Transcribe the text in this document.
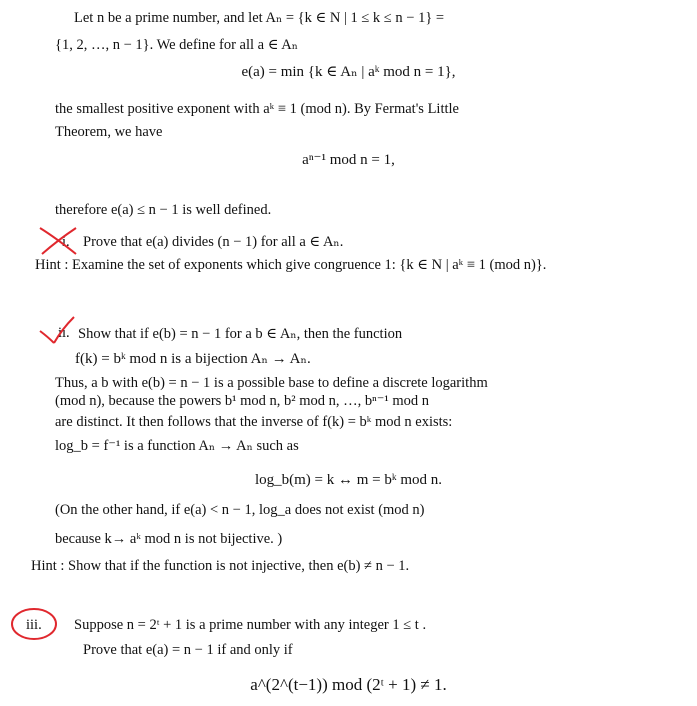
Let n be a prime number, and let Aₙ = {k ∈ N | 1 ≤ k ≤ n − 1} =
{1, 2, …, n − 1}. We define for all a ∈ Aₙ
e(a) = min {k ∈ Aₙ | aᵏ mod n = 1},
the smallest positive exponent with aᵏ ≡ 1 (mod n). By Fermat's Little
Theorem, we have
aⁿ⁻¹ mod n = 1,
therefore e(a) ≤ n − 1 is well defined.
i. Prove that e(a) divides (n − 1) for all a ∈ Aₙ.
Hint : Examine the set of exponents which give congruence 1: {k ∈ N | aᵏ ≡ 1 (mod n)}.
ii. Show that if e(b) = n − 1 for a b ∈ Aₙ, then the function
f(k) = bᵏ mod n is a bijection Aₙ → Aₙ.
Thus, a b with e(b) = n − 1 is a possible base to define a discrete logarithm
(mod n), because the powers b¹ mod n, b² mod n, …, bⁿ⁻¹ mod n
are distinct. It then follows that the inverse of f(k) = bᵏ mod n exists:
log_b = f⁻¹ is a function Aₙ → Aₙ such as
log_b(m) = k ↔ m = bᵏ mod n.
(On the other hand, if e(a) < n − 1, log_a does not exist (mod n)
because k→ aᵏ mod n is not bijective. )
Hint : Show that if the function is not injective, then e(b) ≠ n − 1.
iii. Suppose n = 2ᵗ + 1 is a prime number with any integer 1 ≤ t .
Prove that e(a) = n − 1 if and only if
a^(2^(t−1)) mod (2ᵗ + 1) ≠ 1.
